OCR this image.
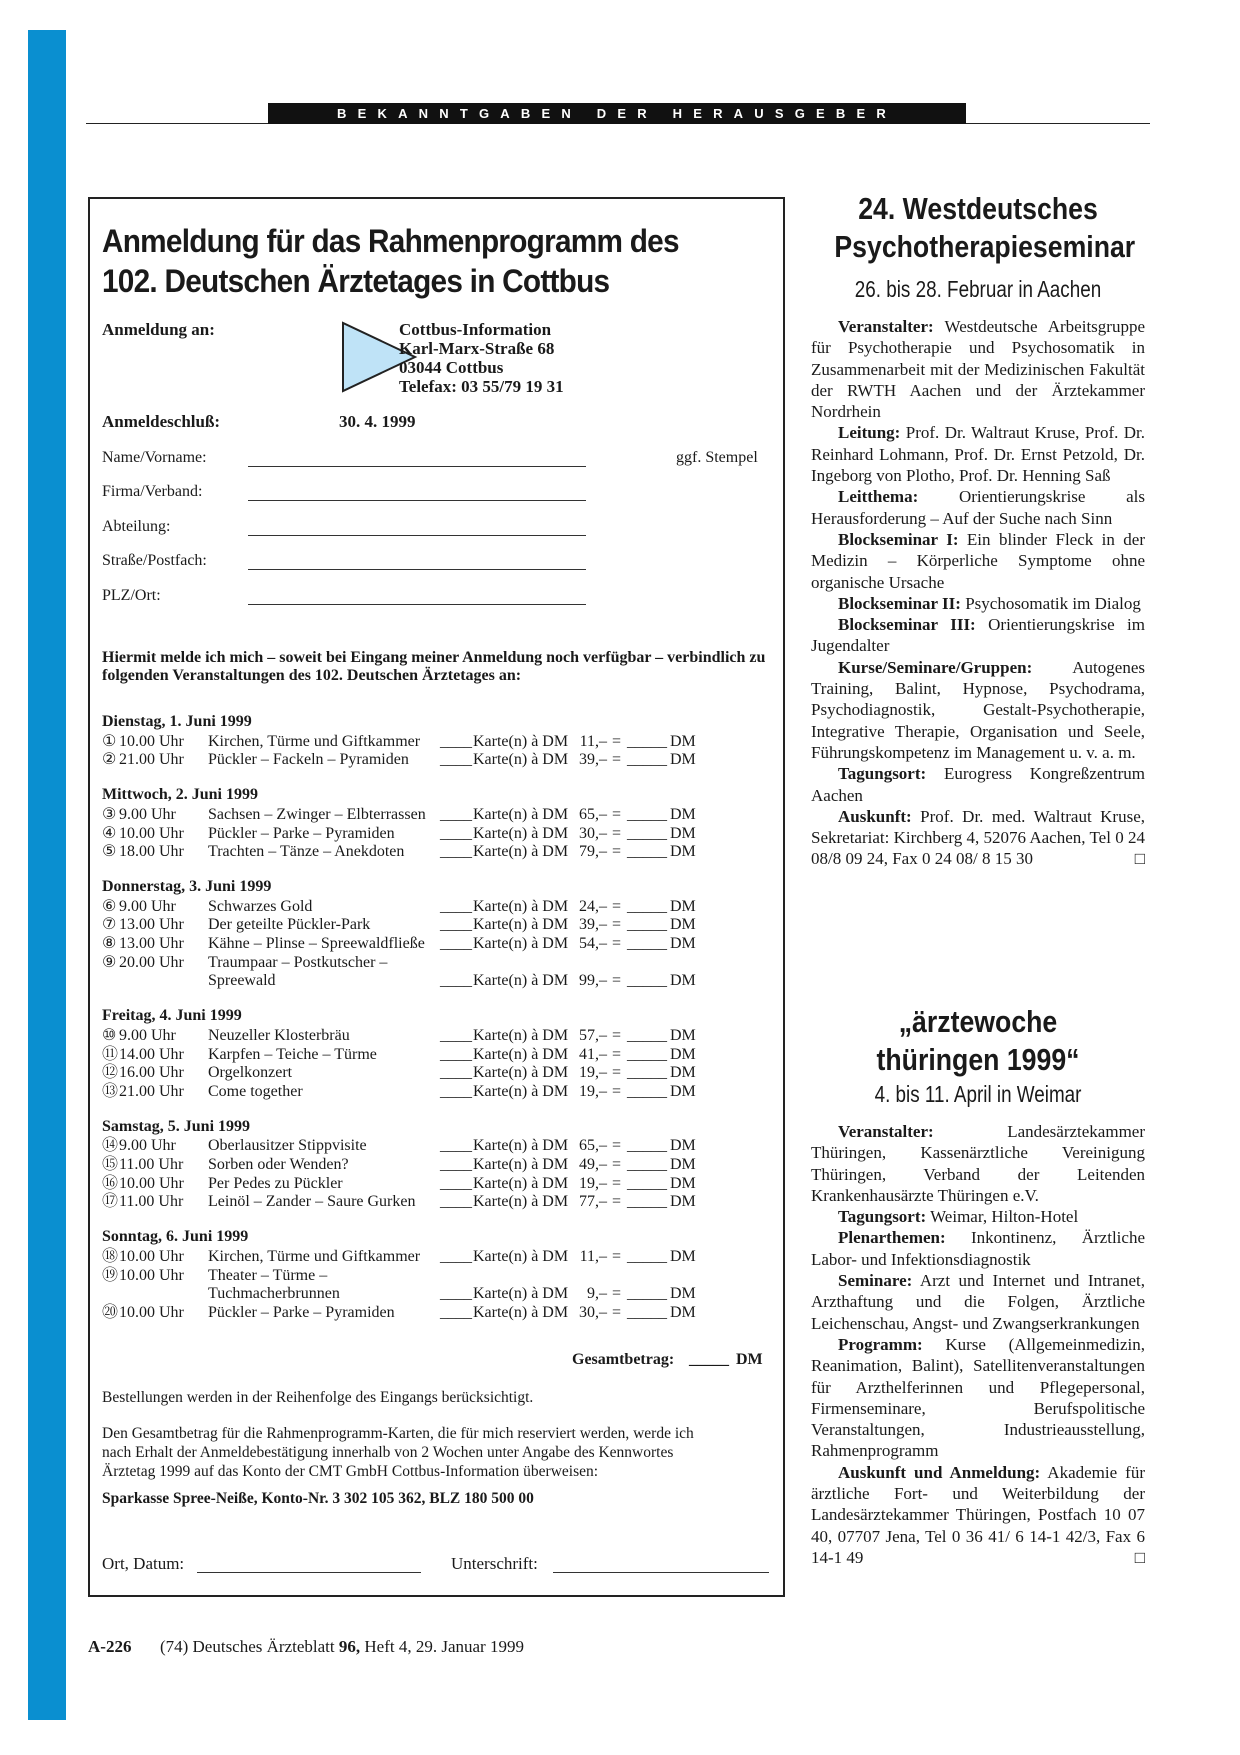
BEKANNTGABEN DER HERAUSGEBER
Anmeldung für das Rahmenprogramm des 102. Deutschen Ärztetages in Cottbus
Anmeldung an:	Cottbus-Information
Karl-Marx-Straße 68
03044 Cottbus
Telefax: 03 55/79 19 31
Anmeldeschluß:	30. 4. 1999
Name/Vorname:	ggf. Stempel
Firma/Verband:
Abteilung:
Straße/Postfach:
PLZ/Ort:
Hiermit melde ich mich – soweit bei Eingang meiner Anmeldung noch verfügbar – verbindlich zu folgenden Veranstaltungen des 102. Deutschen Ärztetages an:
Dienstag, 1. Juni 1999
① 10.00 Uhr	Kirchen, Türme und Giftkammer ____ Karte(n) à DM 11,– = _____ DM
② 21.00 Uhr	Pückler – Fackeln – Pyramiden ____ Karte(n) à DM 39,– = _____ DM
Mittwoch, 2. Juni 1999
③ 9.00 Uhr	Sachsen – Zwinger – Elbterrassen ____ Karte(n) à DM 65,– = _____ DM
④ 10.00 Uhr	Pückler – Parke – Pyramiden	____ Karte(n) à DM 30,– = _____ DM
⑤ 18.00 Uhr	Trachten – Tänze – Anekdoten ____ Karte(n) à DM 79,– = _____ DM
Donnerstag, 3. Juni 1999
⑥ 9.00 Uhr	Schwarzes Gold	____ Karte(n) à DM 24,– = _____ DM
⑦ 13.00 Uhr	Der geteilte Pückler-Park	____ Karte(n) à DM 39,– = _____ DM
⑧ 13.00 Uhr	Kähne – Plinse – Spreewaldfließe ____ Karte(n) à DM 54,– = _____ DM
⑨ 20.00 Uhr	Traumpaar – Postkutscher –
Spreewald	____ Karte(n) à DM 99,– = _____ DM
Freitag, 4. Juni 1999
⑩ 9.00 Uhr	Neuzeller Klosterbräu	____ Karte(n) à DM 57,– = _____ DM
⑪ 14.00 Uhr	Karpfen – Teiche – Türme	____ Karte(n) à DM 41,– = _____ DM
⑫ 16.00 Uhr	Orgelkonzert	____ Karte(n) à DM 19,– = _____ DM
⑬ 21.00 Uhr	Come together	____ Karte(n) à DM 19,– = _____ DM
Samstag, 5. Juni 1999
⑭ 9.00 Uhr	Oberlausitzer Stippvisite	____ Karte(n) à DM 65,– = _____ DM
⑮ 11.00 Uhr	Sorben oder Wenden?	____ Karte(n) à DM 49,– = _____ DM
⑯ 10.00 Uhr	Per Pedes zu Pückler	____ Karte(n) à DM 19,– = _____ DM
⑰ 11.00 Uhr	Leinöl – Zander – Saure Gurken ____ Karte(n) à DM 77,– = _____ DM
Sonntag, 6. Juni 1999
⑱ 10.00 Uhr	Kirchen, Türme und Giftkammer ____ Karte(n) à DM 11,– = _____ DM
⑲ 10.00 Uhr	Theater – Türme –
Tuchmacherbrunnen	____ Karte(n) à DM 9,– = _____ DM
⑳ 10.00 Uhr	Pückler – Parke – Pyramiden	____ Karte(n) à DM 30,– = _____ DM
Gesamtbetrag: _____ DM
Bestellungen werden in der Reihenfolge des Eingangs berücksichtigt.
Den Gesamtbetrag für die Rahmenprogramm-Karten, die für mich reserviert werden, werde ich
nach Erhalt der Anmeldebestätigung innerhalb von 2 Wochen unter Angabe des Kennwortes
Ärztetag 1999 auf das Konto der CMT GmbH Cottbus-Information überweisen:
Sparkasse Spree-Neiße, Konto-Nr. 3 302 105 362, BLZ 180 500 00
Ort, Datum:	Unterschrift:
24. Westdeutsches
Psychotherapieseminar
26. bis 28. Februar in Aachen

Veranstalter: Westdeutsche Arbeitsgruppe für Psychotherapie und Psychosomatik in Zusammenarbeit mit der Medizinischen Fakultät der RWTH Aachen und der Ärztekammer Nordrhein

Leitung: Prof. Dr. Waltraut Kruse, Prof. Dr. Reinhard Lohmann, Prof. Dr. Ernst Petzold, Dr. Ingeborg von Plotho, Prof. Dr. Henning Saß

Leitthema: Orientierungskrise als Herausforderung – Auf der Suche nach Sinn

Blockseminar I: Ein blinder Fleck in der Medizin – Körperliche Symptome ohne organische Ursache

Blockseminar II: Psychosomatik im Dialog

Blockseminar III: Orientierungskrise im Jugendalter

Kurse/Seminare/Gruppen: Autogenes Training, Balint, Hypnose, Psychodrama, Psychodiagnostik, Gestalt-Psychotherapie, Integrative Therapie, Organisation und Seele, Führungskompetenz im Management u. v. a. m.

Tagungsort: Eurogress Kongreßzentrum Aachen

Auskunft: Prof. Dr. med. Waltraut Kruse, Sekretariat: Kirchberg 4, 52076 Aachen, Tel 0 24 08/8 09 24, Fax 0 24 08/ 8 15 30	□

„ärztewoche
thüringen 1999“
4. bis 11. April in Weimar

Veranstalter:	Landesärztekammer Thüringen, Kassenärztliche Vereinigung Thüringen, Verband der Leitenden Krankenhausärzte Thüringen e.V.

Tagungsort: Weimar, Hilton-Hotel

Plenarthemen: Inkontinenz, Ärztliche Labor- und Infektionsdiagnostik

Seminare: Arzt und Internet und Intranet, Arzthaftung und die Folgen, Ärztliche Leichenschau, Angst- und Zwangserkrankungen

Programm: Kurse (Allgemeinmedizin, Reanimation, Balint), Satellitenveranstaltungen für Arzthelferinnen und Pflegepersonal, Firmenseminare, Berufspolitische Veranstaltungen, Industrieausstellung, Rahmenprogramm

Auskunft und Anmeldung: Akademie für ärztliche Fort- und Weiterbildung der Landesärztekammer Thüringen, Postfach 10 07 40, 07707 Jena, Tel 0 36 41/ 6 14-1 42/3, Fax 6 14-1 49	□

A-226 (74) Deutsches Ärzteblatt 96, Heft 4, 29. Januar 1999
